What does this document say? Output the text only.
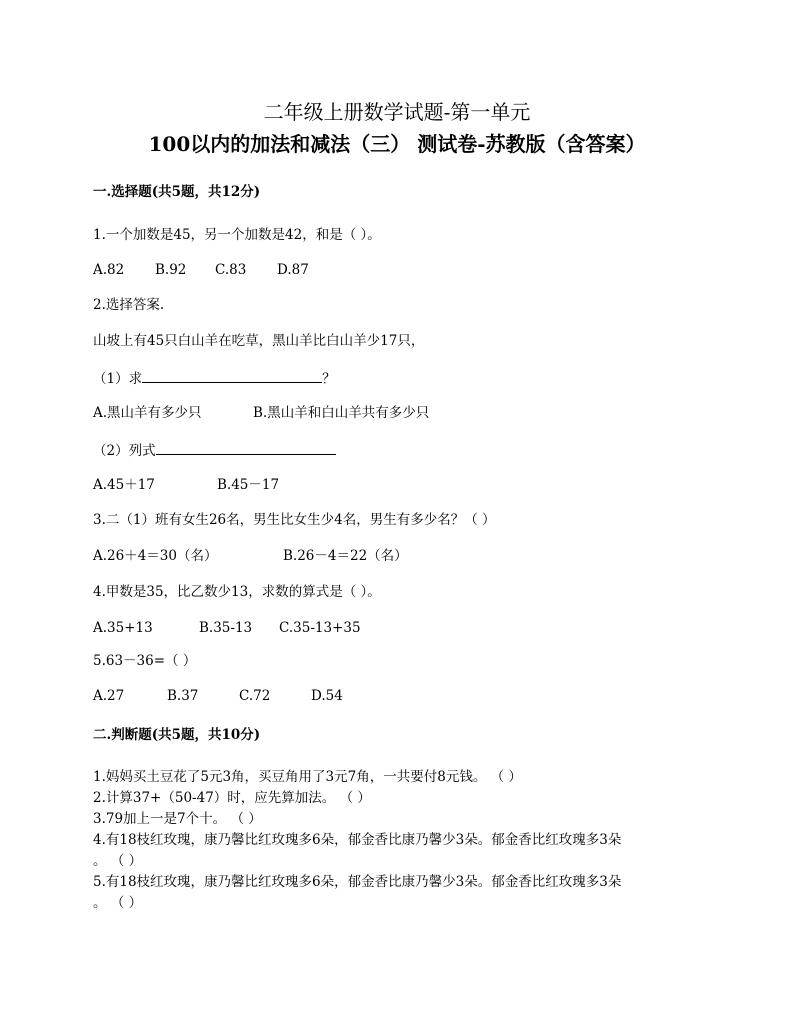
二年级上册数学试题-第一单元
100以内的加法和减法（三） 测试卷-苏教版（含答案）
一.选择题(共5题，共12分)
1.一个加数是45，另一个加数是42，和是（ ）。
A.82 B.92 C.83 D.87
2.选择答案.
山坡上有45只白山羊在吃草，黑山羊比白山羊少17只，
（1）求	？
A.黑山羊有多少只	B.黑山羊和白山羊共有多少只
（2）列式
A.45＋17	B.45－17
3.二（1）班有女生26名，男生比女生少4名，男生有多少名？（ ）
A.26＋4＝30（名）	B.26－4＝22（名）
4.甲数是35，比乙数少13，求数的算式是（ ）。
A.35+13	B.35-13 C.35-13+35
5.63－36=（ ）
A.27	B.37	C.72	D.54
二.判断题(共5题，共10分)
1.妈妈买土豆花了5元3角，买豆角用了3元7角，一共要付8元钱。 （ ）
2.计算37+（50-47）时，应先算加法。 （ ）
3.79加上一是7个十。 （ ）
4.有18枝红玫瑰，康乃馨比红玫瑰多6朵，郁金香比康乃馨少3朵。郁金香比红玫瑰多3朵
。 （ ）
5.有18枝红玫瑰，康乃馨比红玫瑰多6朵，郁金香比康乃馨少3朵。郁金香比红玫瑰多3朵
。 （ ）
